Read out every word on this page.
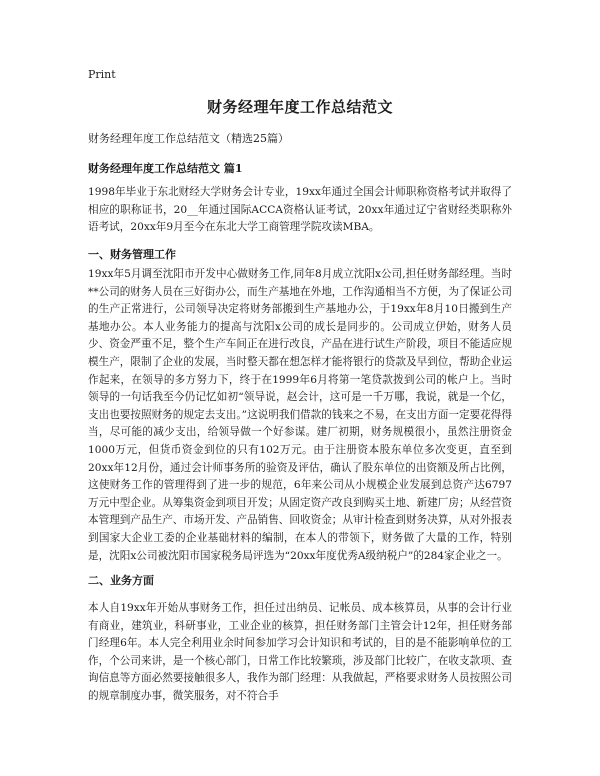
Print
财务经理年度工作总结范文
财务经理年度工作总结范文（精选25篇）
财务经理年度工作总结范文 篇1

1998年毕业于东北财经大学财务会计专业，19xx年通过全国会计师职称资格考试并取得了相应的职称证书，20__年通过国际ACCA资格认证考试，20xx年通过辽宁省财经类职称外语考试，20xx年9月至今在东北大学工商管理学院攻读MBA。

一、财务管理工作

19xx年5月调至沈阳市开发中心做财务工作,同年8月成立沈阳x公司,担任财务部经理。当时**公司的财务人员在三好街办公，而生产基地在外地，工作沟通相当不方便，为了保证公司的生产正常进行，公司领导决定将财务部搬到生产基地办公，于19xx年8月10日搬到生产基地办公。本人业务能力的提高与沈阳x公司的成长是同步的。公司成立伊始，财务人员少、资金严重不足，整个生产车间正在进行改良，产品在进行试生产阶段，项目不能适应规模生产，限制了企业的发展，当时整天都在想怎样才能将银行的贷款及早到位，帮助企业运作起来，在领导的多方努力下，终于在1999年6月将第一笔贷款拨到公司的帐户上。当时领导的一句话我至今仍记忆如初“领导说，赵会计，这可是一千万哪，我说，就是一个亿，支出也要按照财务的规定去支出。”这说明我们借款的钱来之不易，在支出方面一定要花得得当，尽可能的减少支出，给领导做一个好参谋。建厂初期，财务规模很小，虽然注册资金1000万元，但货币资金到位的只有102万元。由于注册资本股东单位多次变更，直至到20xx年12月份，通过会计师事务所的验资及评估，确认了股东单位的出资额及所占比例，这使财务工作的管理得到了进一步的规范，6年来公司从小规模企业发展到总资产达6797万元中型企业。从筹集资金到项目开发；从固定资产改良到购买土地、新建厂房；从经营资本管理到产品生产、市场开发、产品销售、回收资金；从审计检查到财务决算，从对外报表到国家大企业工委的企业基础材料的编制，在本人的带领下，财务做了大量的工作，特别是，沈阳x公司被沈阳市国家税务局评选为“20xx年度优秀A级纳税户”的284家企业之一。

二、业务方面

本人自19xx年开始从事财务工作，担任过出纳员、记帐员、成本核算员，从事的会计行业有商业，建筑业，科研事业，工业企业的核算，担任财务部门主管会计12年，担任财务部门经理6年。本人完全利用业余时间参加学习会计知识和考试的，目的是不能影响单位的工作，个公司来讲，是一个核心部门，日常工作比较繁琐，涉及部门比较广，在收支款项、查询信息等方面必然要接触很多人，我作为部门经理：从我做起，严格要求财务人员按照公司的规章制度办事，微笑服务，对不符合手
